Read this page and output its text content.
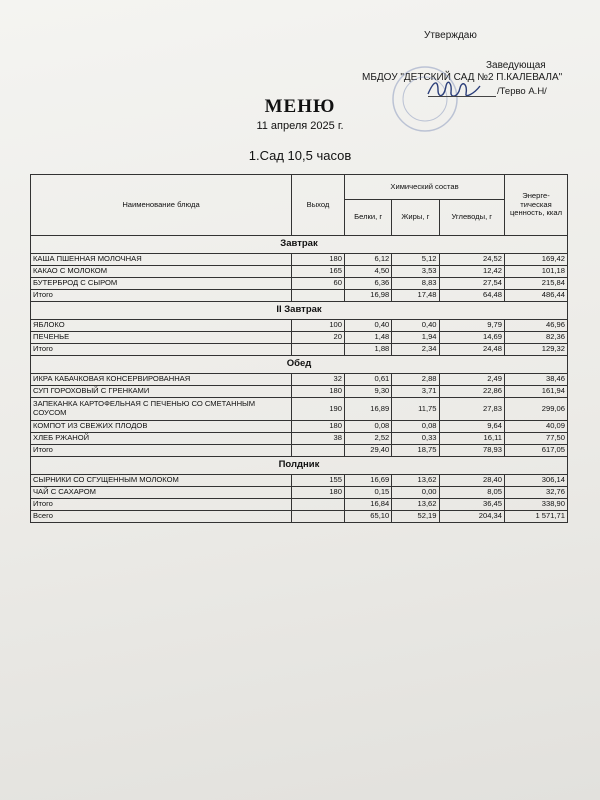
Утверждаю
Заведующая
МБДОУ "ДЕТСКИЙ САД №2 П.КАЛЕВАЛА"
/Терво А.Н/
МЕНЮ
11 апреля 2025 г.
1.Сад 10,5 часов
Наименование блюда	Выход	Химический состав			Энерге-тическая ценность, ккал
		Белки, г	Жиры, г	Углеводы, г	
Завтрак					
КАША ПШЕННАЯ МОЛОЧНАЯ	180	6,12	5,12	24,52	169,42
КАКАО С МОЛОКОМ	165	4,50	3,53	12,42	101,18
БУТЕРБРОД С СЫРОМ	60	6,36	8,83	27,54	215,84
Итого		16,98	17,48	64,48	486,44
II Завтрак					
ЯБЛОКО	100	0,40	0,40	9,79	46,96
ПЕЧЕНЬЕ	20	1,48	1,94	14,69	82,36
Итого		1,88	2,34	24,48	129,32
Обед					
ИКРА КАБАЧКОВАЯ КОНСЕРВИРОВАННАЯ	32	0,61	2,88	2,49	38,46
СУП ГОРОХОВЫЙ С ГРЕНКАМИ	180	9,30	3,71	22,86	161,94
ЗАПЕКАНКА КАРТОФЕЛЬНАЯ С ПЕЧЕНЬЮ СО СМЕТАННЫМ СОУСОМ	190	16,89	11,75	27,83	299,06
КОМПОТ ИЗ СВЕЖИХ ПЛОДОВ	180	0,08	0,08	9,64	40,09
ХЛЕБ РЖАНОЙ	38	2,52	0,33	16,11	77,50
Итого		29,40	18,75	78,93	617,05
Полдник					
СЫРНИКИ СО СГУЩЕННЫМ МОЛОКОМ	155	16,69	13,62	28,40	306,14
ЧАЙ С САХАРОМ	180	0,15	0,00	8,05	32,76
Итого		16,84	13,62	36,45	338,90
Всего		65,10	52,19	204,34	1 571,71
